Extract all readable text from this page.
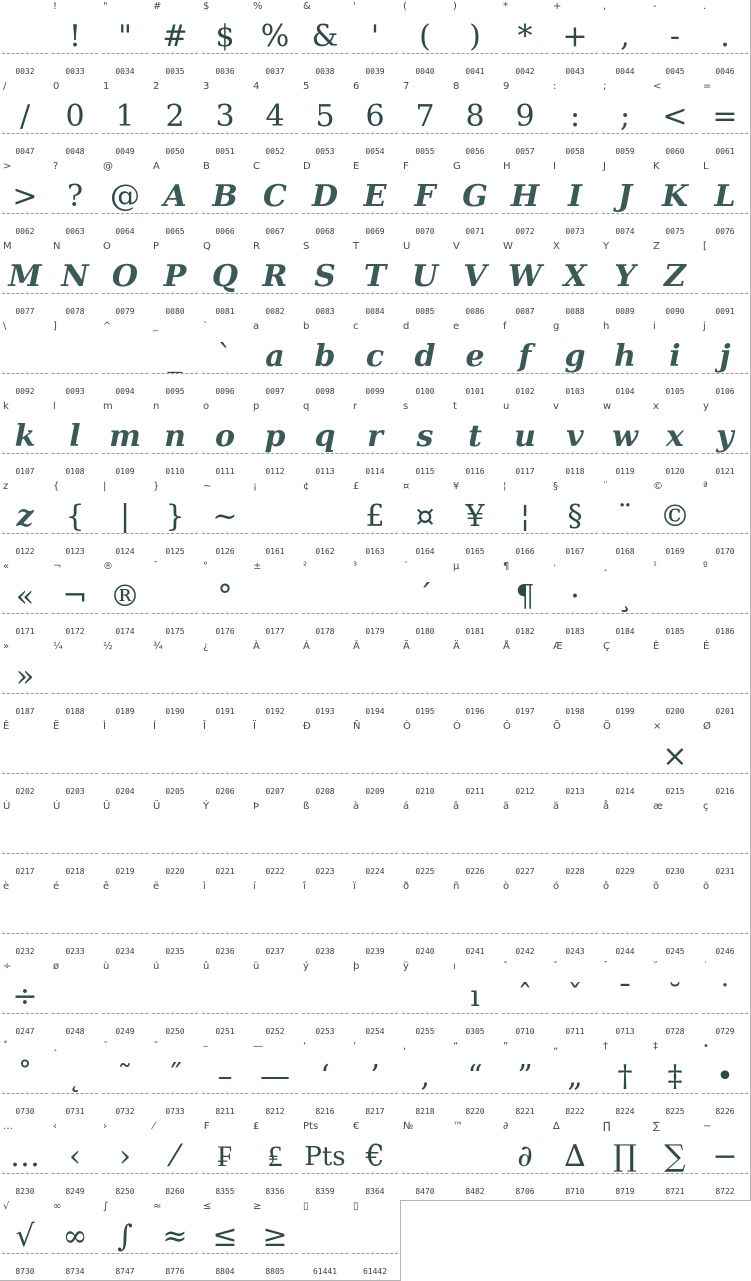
0032
!
!
0033
"
"
0034
#
#
0035
$
$
0036
%
%
0037
&
&
0038
'
'
0039
(
(
0040
)
)
0041
*
*
0042
+
+
0043
,
,
0044
-
-
0045
.
.
0046
/
/
0047
0
0
0048
1
1
0049
2
2
0050
3
3
0051
4
4
0052
5
5
0053
6
6
0054
7
7
0055
8
8
0056
9
9
0057
:
:
0058
;
;
0059
<
<
0060
=
=
0061
>
>
0062
?
?
0063
@
@
0064
A
A
0065
B
B
0066
C
C
0067
D
D
0068
E
E
0069
F
F
0070
G
G
0071
H
H
0072
I
I
0073
J
J
0074
K
K
0075
L
L
0076
M
M
0077
N
N
0078
O
O
0079
P
P
0080
Q
Q
0081
R
R
0082
S
S
0083
T
T
0084
U
U
0085
V
V
0086
W
W
0087
X
X
0088
Y
Y
0089
Z
Z
0090
[
0091
\
0092
]
0093
^
0094
_
_
0095
`
`
0096
a
a
0097
b
b
0098
c
c
0099
d
d
0100
e
e
0101
f
f
0102
g
g
0103
h
h
0104
i
i
0105
j
j
0106
k
k
0107
l
l
0108
m
m
0109
n
n
0110
o
o
0111
p
p
0112
q
q
0113
r
r
0114
s
s
0115
t
t
0116
u
u
0117
v
v
0118
w
w
0119
x
x
0120
y
y
0121
z
z
0122
{
{
0123
|
|
0124
}
}
0125
~
~
0126
¡
0161
¢
0162
£
£
0163
¤
¤
0164
¥
¥
0165
¦
¦
0166
§
§
0167
¨
¨
0168
©
©
0169
ª
0170
«
«
0171
¬
¬
0172
®
®
0174
¯
0175
°
°
0176
±
0177
²
0178
³
0179
´
´
0180
µ
0181
¶
¶
0182
·
·
0183
¸
¸
0184
¹
0185
º
0186
»
»
0187
¼
0188
½
0189
¾
0190
¿
0191
À
0192
Á
0193
Â
0194
Ã
0195
Ä
0196
Å
0197
Æ
0198
Ç
0199
È
0200
É
0201
Ê
0202
Ë
0203
Ì
0204
Í
0205
Î
0206
Ï
0207
Ð
0208
Ñ
0209
Ò
0210
Ó
0211
Ô
0212
Õ
0213
Ö
0214
×
×
0215
Ø
0216
Ù
0217
Ú
0218
Û
0219
Ü
0220
Ý
0221
Þ
0222
ß
0223
à
0224
á
0225
â
0226
ã
0227
ä
0228
å
0229
æ
0230
ç
0231
è
0232
é
0233
ê
0234
ë
0235
ì
0236
í
0237
î
0238
ï
0239
ð
0240
ñ
0241
ò
0242
ó
0243
ô
0244
õ
0245
ö
0246
÷
÷
0247
ø
0248
ù
0249
ú
0250
û
0251
ü
0252
ý
0253
þ
0254
ÿ
0255
ı
ı
0305
ˆ
ˆ
0710
ˇ
ˇ
0711
ˉ
ˉ
0713
˘
˘
0728
˙
˙
0729
˚
˚
0730
˛
˛
0731
˜
˜
0732
˝
˝
0733
–
–
8211
—
—
8212
‘
‘
8216
’
’
8217
‚
‚
8218
“
“
8220
”
”
8221
„
„
8222
†
†
8224
‡
‡
8225
•
•
8226
…
…
8230
‹
‹
8249
›
›
8250
⁄
⁄
8260
₣
₣
8355
₤
₤
8356
Pts
Pts
8359
€
€
8364
№
8470
™
8482
∂
∂
8706
∆
∆
8710
∏
∏
8719
∑
∑
8721
−
−
8722
√
√
8730
∞
∞
8734
∫
∫
8747
≈
≈
8776
≤
≤
8804
≥
≥
8805
▯
61441
▯
61442
